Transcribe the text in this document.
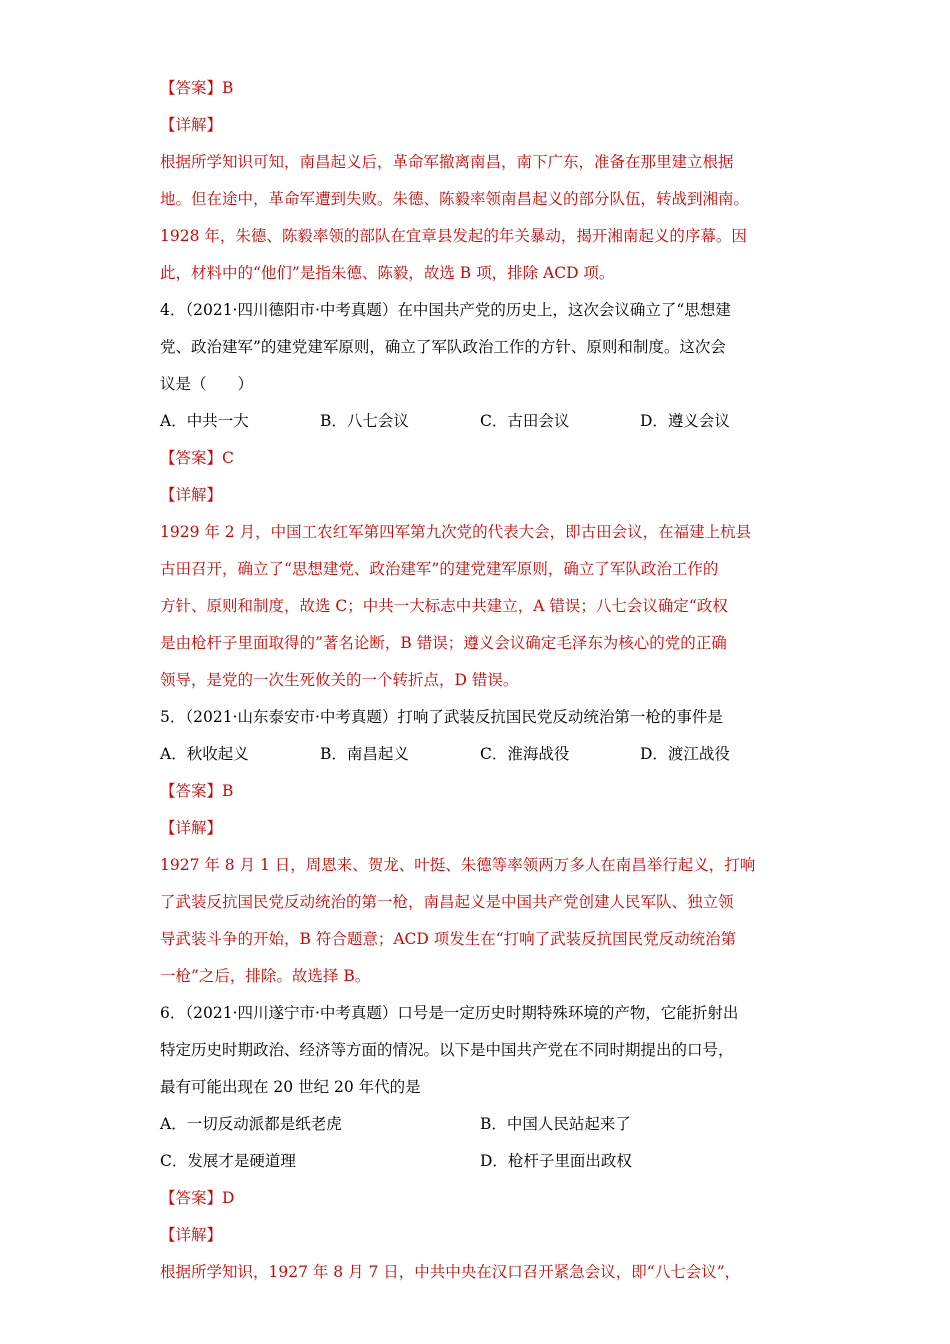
【答案】B
【详解】
根据所学知识可知，南昌起义后，革命军撤离南昌，南下广东，准备在那里建立根据
地。但在途中，革命军遭到失败。朱德、陈毅率领南昌起义的部分队伍，转战到湘南。
1928 年，朱德、陈毅率领的部队在宜章县发起的年关暴动，揭开湘南起义的序幕。因
此，材料中的“他们”是指朱德、陈毅，故选 B 项，排除 ACD 项。
4．（2021·四川德阳市·中考真题）在中国共产党的历史上，这次会议确立了“思想建
党、政治建军”的建党建军原则，确立了军队政治工作的方针、原则和制度。这次会
议是（　　）
A．中共一大	B．八七会议	C．古田会议	D．遵义会议
【答案】C
【详解】
1929 年 2 月，中国工农红军第四军第九次党的代表大会，即古田会议，在福建上杭县
古田召开，确立了“思想建党、政治建军”的建党建军原则，确立了军队政治工作的
方针、原则和制度，故选 C；中共一大标志中共建立，A 错误；八七会议确定“政权
是由枪杆子里面取得的”著名论断，B 错误；遵义会议确定毛泽东为核心的党的正确
领导，是党的一次生死攸关的一个转折点，D 错误。
5．（2021·山东泰安市·中考真题）打响了武装反抗国民党反动统治第一枪的事件是
A．秋收起义	B．南昌起义	C．淮海战役	D．渡江战役
【答案】B
【详解】
1927 年 8 月 1 日，周恩来、贺龙、叶挺、朱德等率领两万多人在南昌举行起义，打响
了武装反抗国民党反动统治的第一枪，南昌起义是中国共产党创建人民军队、独立领
导武装斗争的开始，B 符合题意；ACD 项发生在“打响了武装反抗国民党反动统治第
一枪”之后，排除。故选择 B。
6．（2021·四川遂宁市·中考真题）口号是一定历史时期特殊环境的产物，它能折射出
特定历史时期政治、经济等方面的情况。以下是中国共产党在不同时期提出的口号，
最有可能出现在 20 世纪 20 年代的是
A．一切反动派都是纸老虎	B．中国人民站起来了
C．发展才是硬道理	D．枪杆子里面出政权
【答案】D
【详解】
根据所学知识，1927 年 8 月 7 日，中共中央在汉口召开紧急会议，即“八七会议”，
